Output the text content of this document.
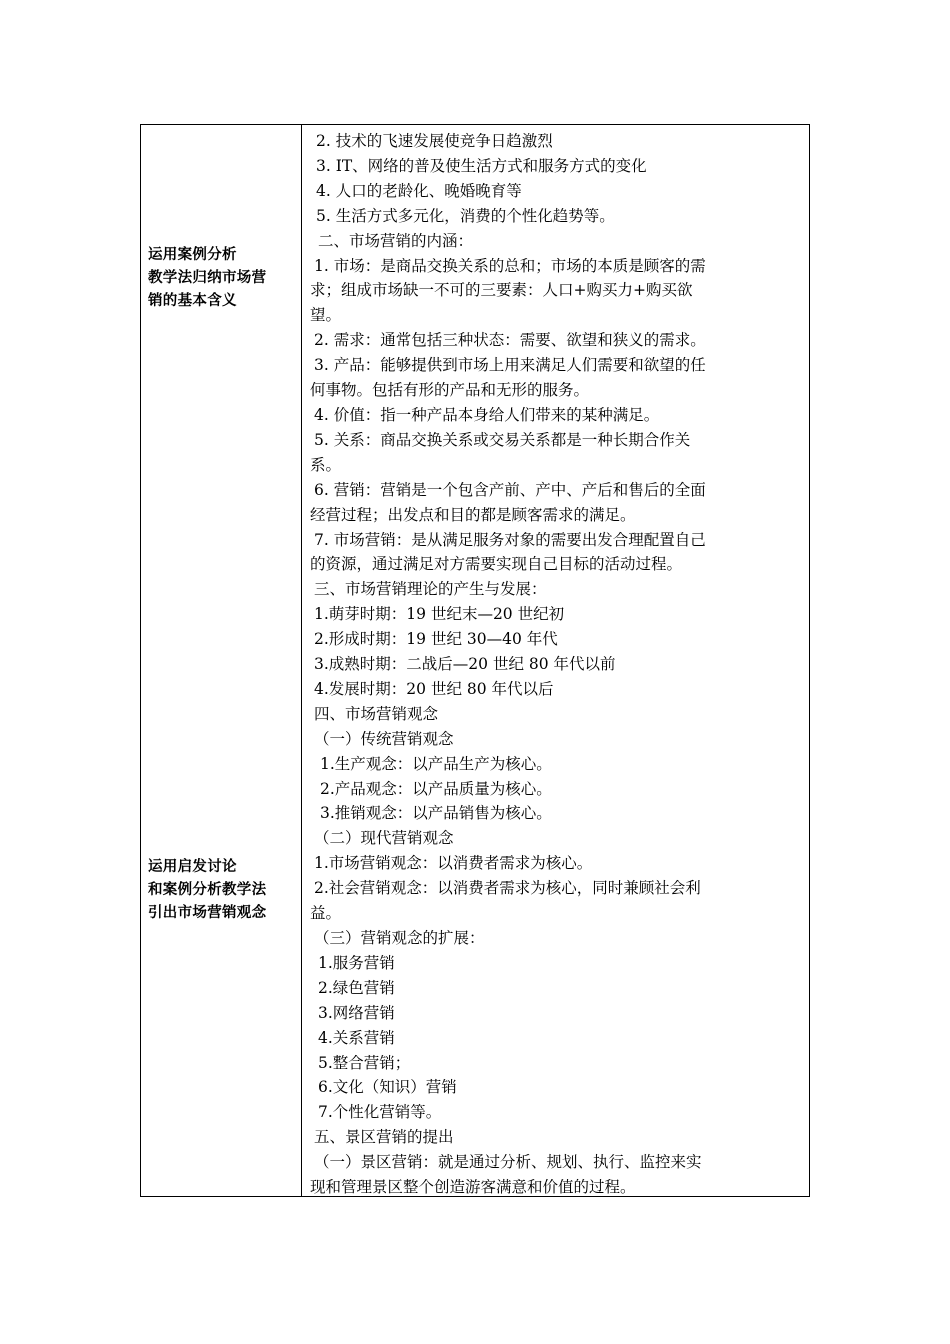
运用案例分析
教学法归纳市场营
销的基本含义
运用启发讨论
和案例分析教学法
引出市场营销观念
2. 技术的飞速发展使竞争日趋激烈
3. IT、网络的普及使生活方式和服务方式的变化
4. 人口的老龄化、晚婚晚育等
5. 生活方式多元化，消费的个性化趋势等。
二、市场营销的内涵：
1. 市场：是商品交换关系的总和；市场的本质是顾客的需
求；组成市场缺一不可的三要素：人口+购买力+购买欲
望。
2. 需求：通常包括三种状态：需要、欲望和狭义的需求。
3. 产品：能够提供到市场上用来满足人们需要和欲望的任
何事物。包括有形的产品和无形的服务。
4. 价值：指一种产品本身给人们带来的某种满足。
5. 关系：商品交换关系或交易关系都是一种长期合作关
系。
6. 营销：营销是一个包含产前、产中、产后和售后的全面
经营过程；出发点和目的都是顾客需求的满足。
7. 市场营销：是从满足服务对象的需要出发合理配置自己
的资源，通过满足对方需要实现自己目标的活动过程。
三、市场营销理论的产生与发展：
1.萌芽时期：19 世纪末—20 世纪初
2.形成时期：19 世纪 30—40 年代
3.成熟时期：二战后—20 世纪 80 年代以前
4.发展时期：20 世纪 80 年代以后
四、市场营销观念
（一）传统营销观念
1.生产观念：以产品生产为核心。
2.产品观念：以产品质量为核心。
3.推销观念：以产品销售为核心。
（二）现代营销观念
1.市场营销观念：以消费者需求为核心。
2.社会营销观念：以消费者需求为核心，同时兼顾社会利
益。
（三）营销观念的扩展：
1.服务营销
2.绿色营销
3.网络营销
4.关系营销
5.整合营销；
6.文化（知识）营销
7.个性化营销等。
五、景区营销的提出
（一）景区营销：就是通过分析、规划、执行、监控来实
现和管理景区整个创造游客满意和价值的过程。
